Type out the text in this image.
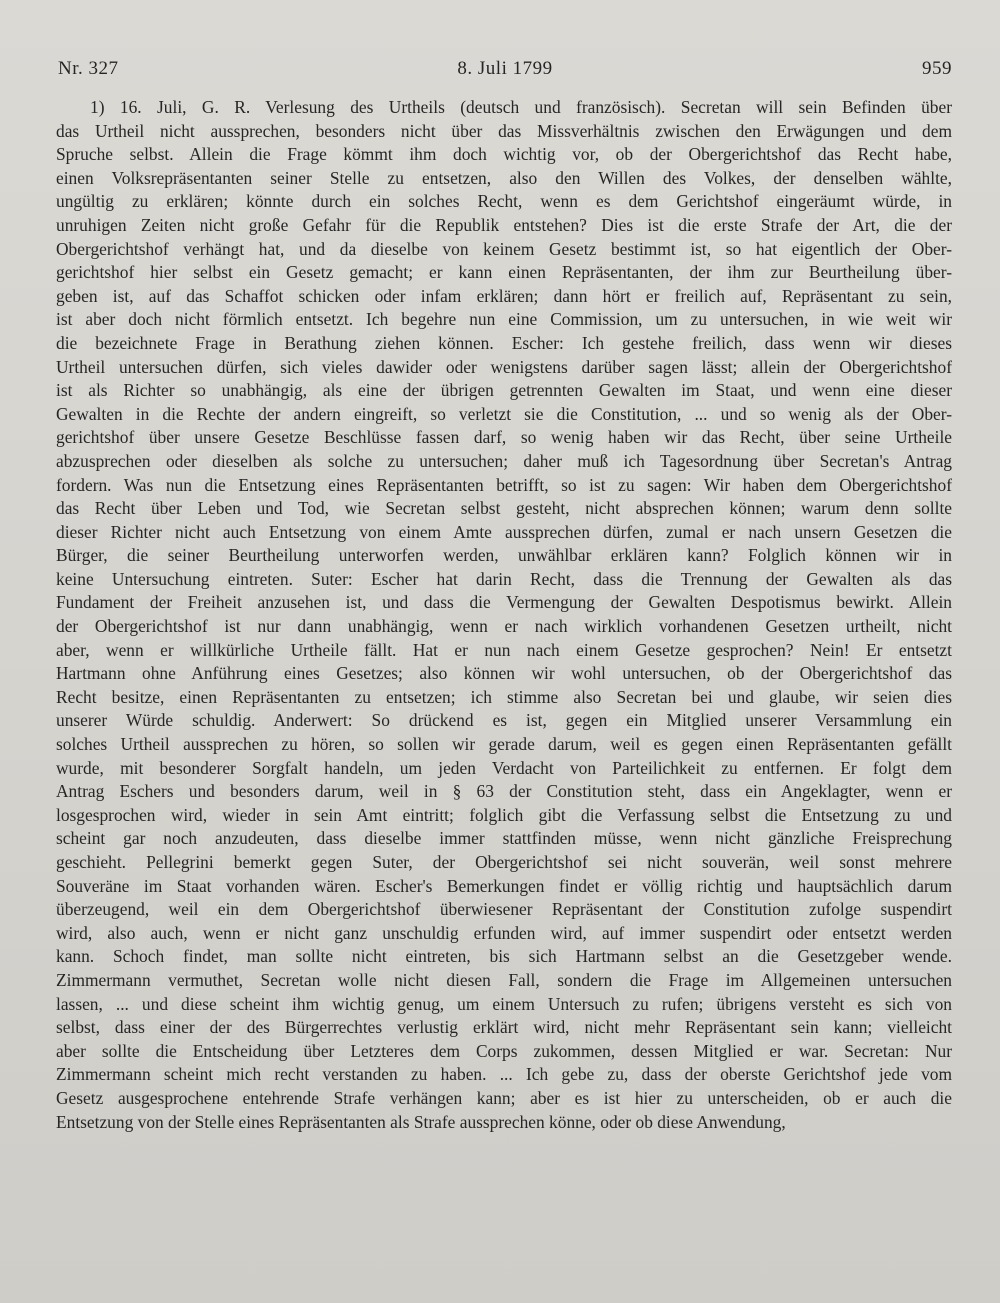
Nr. 327	8. Juli 1799	959
1) 16. Juli, G. R. Verlesung des Urtheils (deutsch und französisch). Secretan will sein Befinden über
das Urtheil nicht aussprechen, besonders nicht über das Missverhältnis zwischen den Erwägungen und dem
Spruche selbst. Allein die Frage kömmt ihm doch wichtig vor, ob der Obergerichtshof das Recht habe,
einen Volksrepräsentanten seiner Stelle zu entsetzen, also den Willen des Volkes, der denselben wählte,
ungültig zu erklären; könnte durch ein solches Recht, wenn es dem Gerichtshof eingeräumt würde, in
unruhigen Zeiten nicht große Gefahr für die Republik entstehen? Dies ist die erste Strafe der Art, die der
Obergerichtshof verhängt hat, und da dieselbe von keinem Gesetz bestimmt ist, so hat eigentlich der Ober-
gerichtshof hier selbst ein Gesetz gemacht; er kann einen Repräsentanten, der ihm zur Beurtheilung über-
geben ist, auf das Schaffot schicken oder infam erklären; dann hört er freilich auf, Repräsentant zu sein,
ist aber doch nicht förmlich entsetzt. Ich begehre nun eine Commission, um zu untersuchen, in wie weit wir
die bezeichnete Frage in Berathung ziehen können. Escher: Ich gestehe freilich, dass wenn wir dieses
Urtheil untersuchen dürfen, sich vieles dawider oder wenigstens darüber sagen lässt; allein der Obergerichtshof
ist als Richter so unabhängig, als eine der übrigen getrennten Gewalten im Staat, und wenn eine dieser
Gewalten in die Rechte der andern eingreift, so verletzt sie die Constitution, ... und so wenig als der Ober-
gerichtshof über unsere Gesetze Beschlüsse fassen darf, so wenig haben wir das Recht, über seine Urtheile
abzusprechen oder dieselben als solche zu untersuchen; daher muß ich Tagesordnung über Secretan's Antrag
fordern. Was nun die Entsetzung eines Repräsentanten betrifft, so ist zu sagen: Wir haben dem Obergerichtshof
das Recht über Leben und Tod, wie Secretan selbst gesteht, nicht absprechen können; warum denn sollte
dieser Richter nicht auch Entsetzung von einem Amte aussprechen dürfen, zumal er nach unsern Gesetzen die
Bürger, die seiner Beurtheilung unterworfen werden, unwählbar erklären kann? Folglich können wir in
keine Untersuchung eintreten. Suter: Escher hat darin Recht, dass die Trennung der Gewalten als das
Fundament der Freiheit anzusehen ist, und dass die Vermengung der Gewalten Despotismus bewirkt. Allein
der Obergerichtshof ist nur dann unabhängig, wenn er nach wirklich vorhandenen Gesetzen urtheilt, nicht
aber, wenn er willkürliche Urtheile fällt. Hat er nun nach einem Gesetze gesprochen? Nein! Er entsetzt
Hartmann ohne Anführung eines Gesetzes; also können wir wohl untersuchen, ob der Obergerichtshof das
Recht besitze, einen Repräsentanten zu entsetzen; ich stimme also Secretan bei und glaube, wir seien dies
unserer Würde schuldig. Anderwert: So drückend es ist, gegen ein Mitglied unserer Versammlung ein
solches Urtheil aussprechen zu hören, so sollen wir gerade darum, weil es gegen einen Repräsentanten gefällt
wurde, mit besonderer Sorgfalt handeln, um jeden Verdacht von Parteilichkeit zu entfernen. Er folgt dem
Antrag Eschers und besonders darum, weil in § 63 der Constitution steht, dass ein Angeklagter, wenn er
losgesprochen wird, wieder in sein Amt eintritt; folglich gibt die Verfassung selbst die Entsetzung zu und
scheint gar noch anzudeuten, dass dieselbe immer stattfinden müsse, wenn nicht gänzliche Freisprechung
geschieht. Pellegrini bemerkt gegen Suter, der Obergerichtshof sei nicht souverän, weil sonst mehrere
Souveräne im Staat vorhanden wären. Escher's Bemerkungen findet er völlig richtig und hauptsächlich darum
überzeugend, weil ein dem Obergerichtshof überwiesener Repräsentant der Constitution zufolge suspendirt
wird, also auch, wenn er nicht ganz unschuldig erfunden wird, auf immer suspendirt oder entsetzt werden
kann. Schoch findet, man sollte nicht eintreten, bis sich Hartmann selbst an die Gesetzgeber wende.
Zimmermann vermuthet, Secretan wolle nicht diesen Fall, sondern die Frage im Allgemeinen untersuchen
lassen, ... und diese scheint ihm wichtig genug, um einem Untersuch zu rufen; übrigens versteht es sich von
selbst, dass einer der des Bürgerrechtes verlustig erklärt wird, nicht mehr Repräsentant sein kann; vielleicht
aber sollte die Entscheidung über Letzteres dem Corps zukommen, dessen Mitglied er war. Secretan: Nur
Zimmermann scheint mich recht verstanden zu haben. ... Ich gebe zu, dass der oberste Gerichtshof jede vom
Gesetz ausgesprochene entehrende Strafe verhängen kann; aber es ist hier zu unterscheiden, ob er auch die
Entsetzung von der Stelle eines Repräsentanten als Strafe aussprechen könne, oder ob diese Anwendung,
